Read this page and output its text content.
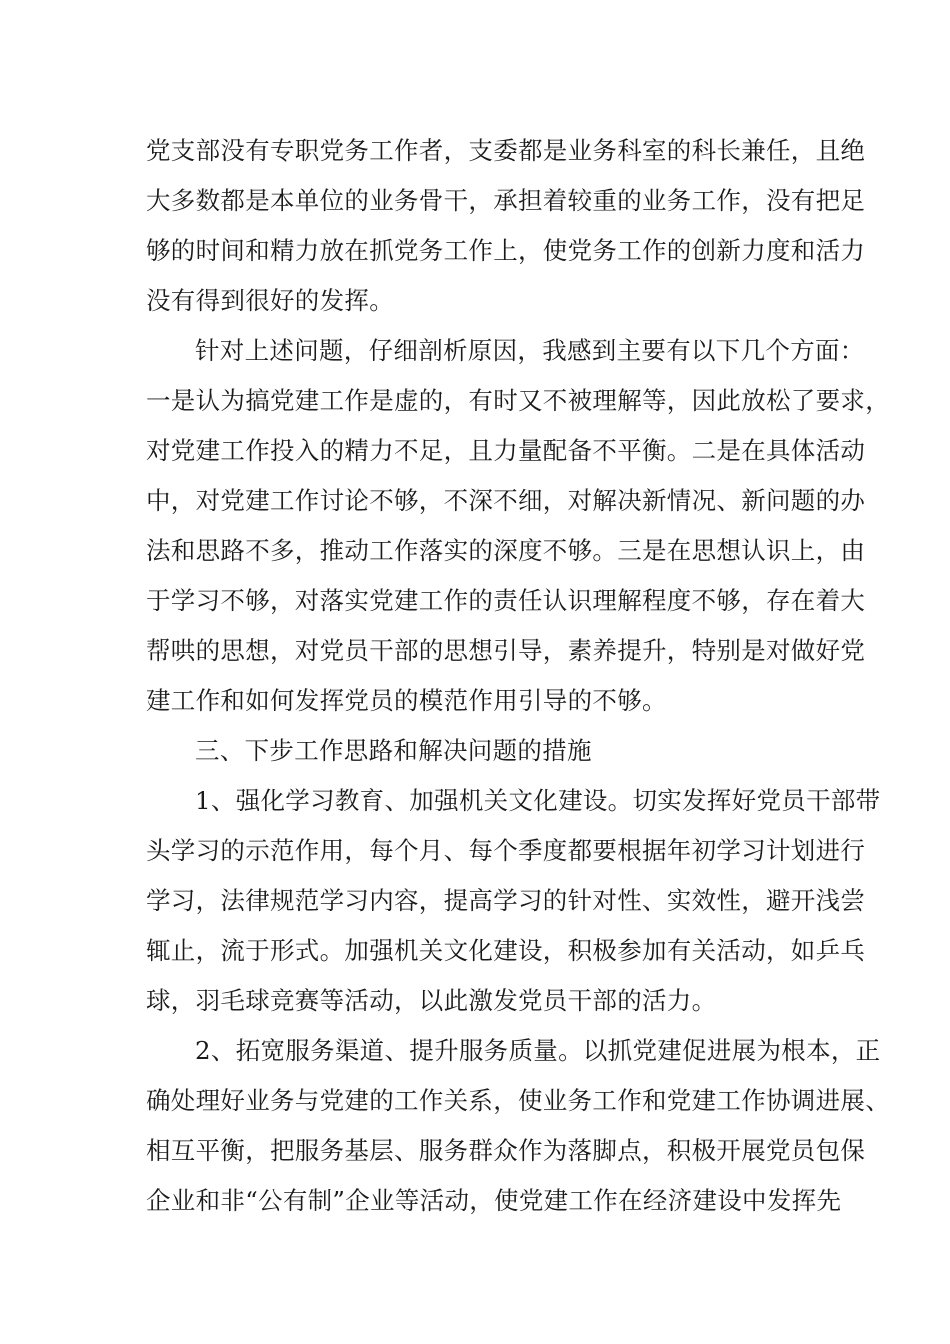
党支部没有专职党务工作者，支委都是业务科室的科长兼任，且绝
大多数都是本单位的业务骨干，承担着较重的业务工作，没有把足
够的时间和精力放在抓党务工作上，使党务工作的创新力度和活力
没有得到很好的发挥。
针对上述问题，仔细剖析原因，我感到主要有以下几个方面：
一是认为搞党建工作是虚的，有时又不被理解等，因此放松了要求，
对党建工作投入的精力不足，且力量配备不平衡。二是在具体活动
中，对党建工作讨论不够，不深不细，对解决新情况、新问题的办
法和思路不多，推动工作落实的深度不够。三是在思想认识上，由
于学习不够，对落实党建工作的责任认识理解程度不够，存在着大
帮哄的思想，对党员干部的思想引导，素养提升，特别是对做好党
建工作和如何发挥党员的模范作用引导的不够。
三、下步工作思路和解决问题的措施
1、强化学习教育、加强机关文化建设。切实发挥好党员干部带
头学习的示范作用，每个月、每个季度都要根据年初学习计划进行
学习，法律规范学习内容，提高学习的针对性、实效性，避开浅尝
辄止，流于形式。加强机关文化建设，积极参加有关活动，如乒乓
球，羽毛球竞赛等活动，以此激发党员干部的活力。
2、拓宽服务渠道、提升服务质量。以抓党建促进展为根本，正
确处理好业务与党建的工作关系，使业务工作和党建工作协调进展、
相互平衡，把服务基层、服务群众作为落脚点，积极开展党员包保
企业和非“公有制”企业等活动，使党建工作在经济建设中发挥先
